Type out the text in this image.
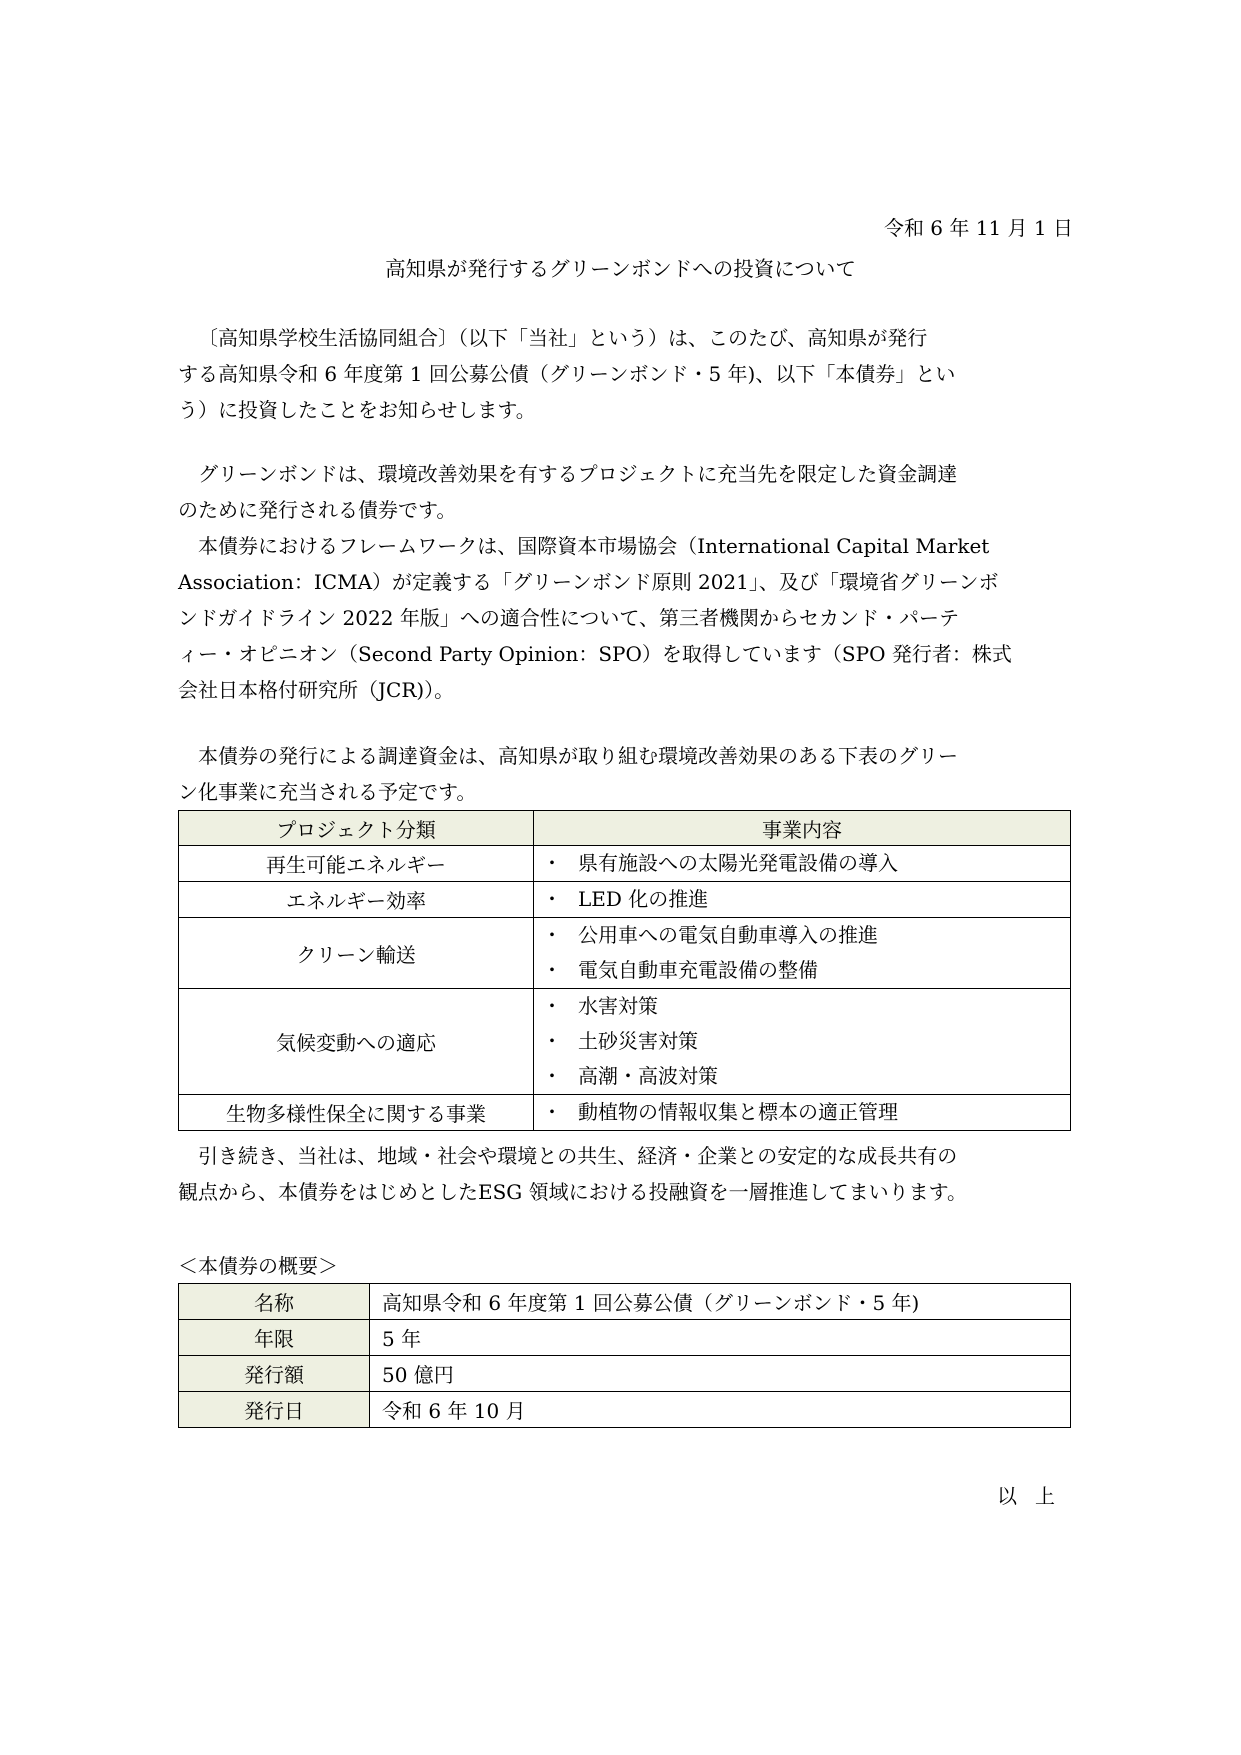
令和 6 年 11 月 1 日
高知県が発行するグリーンボンドへの投資について
〔高知県学校生活協同組合〕（以下「当社」という）は、このたび、高知県が発行
する高知県令和 6 年度第 1 回公募公債（グリーンボンド・5 年)、以下「本債券」とい
う）に投資したことをお知らせします。
グリーンボンドは、環境改善効果を有するプロジェクトに充当先を限定した資金調達
のために発行される債券です。
本債券におけるフレームワークは、国際資本市場協会（International Capital Market
Association：ICMA）が定義する「グリーンボンド原則 2021」、及び「環境省グリーンボ
ンドガイドライン 2022 年版」への適合性について、第三者機関からセカンド・パーテ
ィー・オピニオン（Second Party Opinion：SPO）を取得しています（SPO 発行者：株式
会社日本格付研究所（JCR)）。
本債券の発行による調達資金は、高知県が取り組む環境改善効果のある下表のグリー
ン化事業に充当される予定です。
プロジェクト分類	事業内容
再生可能エネルギー	・ 県有施設への太陽光発電設備の導入

エネルギー効率	・ LED 化の推進

クリーン輸送	・ 公用車への電気自動車導入の推進
・ 電気自動車充電設備の整備

気候変動への適応	・ 水害対策
・ 土砂災害対策
・ 高潮・高波対策

生物多様性保全に関する事業	・ 動植物の情報収集と標本の適正管理
引き続き、当社は、地域・社会や環境との共生、経済・企業との安定的な成長共有の
観点から、本債券をはじめとしたESG 領域における投融資を一層推進してまいります。
＜本債券の概要＞
名称	高知県令和 6 年度第 1 回公募公債（グリーンボンド・5 年)
年限	5 年
発行額	50 億円
発行日	令和 6 年 10 月
以上
